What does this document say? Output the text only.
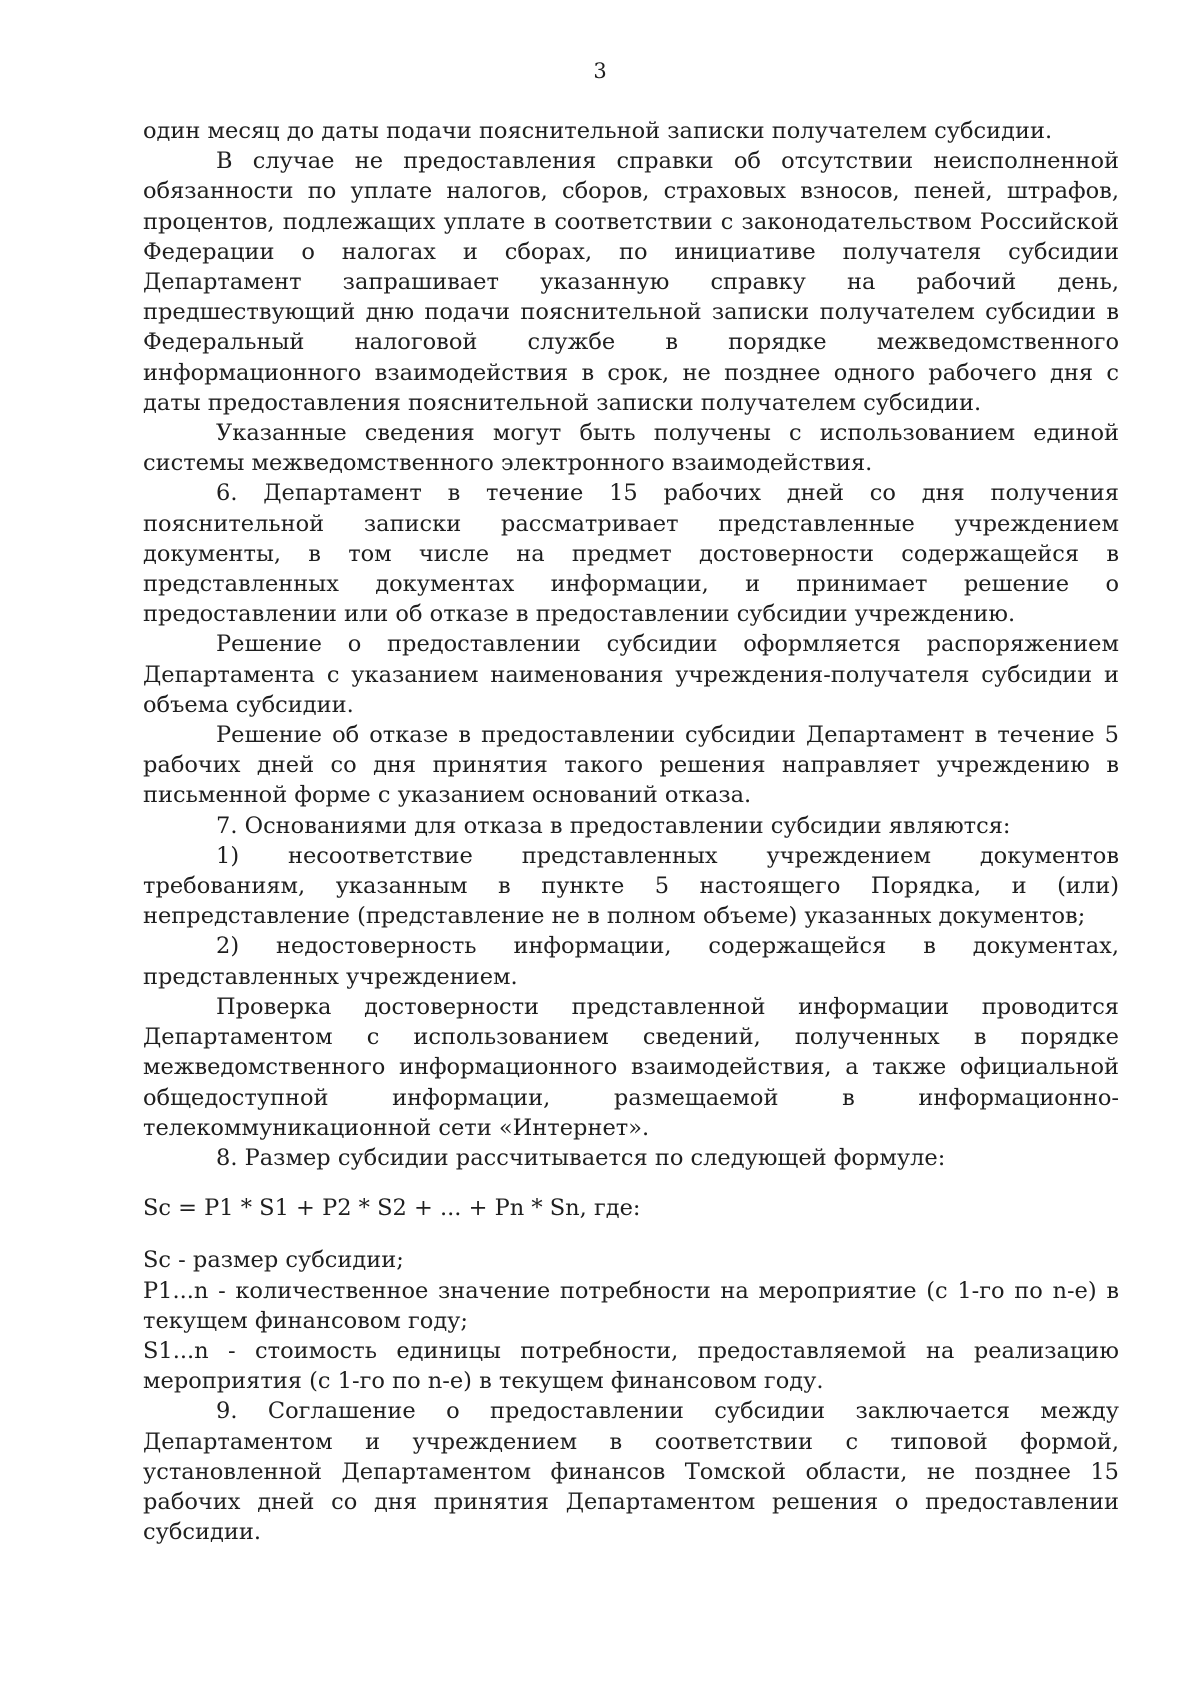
3

один месяц до даты подачи пояснительной записки получателем субсидии.

В случае не предоставления справки об отсутствии неисполненной обязанности по уплате налогов, сборов, страховых взносов, пеней, штрафов, процентов, подлежащих уплате в соответствии с законодательством Российской Федерации о налогах и сборах, по инициативе получателя субсидии Департамент запрашивает указанную справку на рабочий день, предшествующий дню подачи пояснительной записки получателем субсидии в Федеральный налоговой службе в порядке межведомственного информационного взаимодействия в срок, не позднее одного рабочего дня с даты предоставления пояснительной записки получателем субсидии.

Указанные сведения могут быть получены с использованием единой системы межведомственного электронного взаимодействия.

6. Департамент в течение 15 рабочих дней со дня получения пояснительной записки рассматривает представленные учреждением документы, в том числе на предмет достоверности содержащейся в представленных документах информации, и принимает решение о предоставлении или об отказе в предоставлении субсидии учреждению.

Решение о предоставлении субсидии оформляется распоряжением Департамента с указанием наименования учреждения-получателя субсидии и объема субсидии.

Решение об отказе в предоставлении субсидии Департамент в течение 5 рабочих дней со дня принятия такого решения направляет учреждению в письменной форме с указанием оснований отказа.

7. Основаниями для отказа в предоставлении субсидии являются:

1) несоответствие представленных учреждением документов требованиям, указанным в пункте 5 настоящего Порядка, и (или) непредставление (представление не в полном объеме) указанных документов;

2) недостоверность информации, содержащейся в документах, представленных учреждением.

Проверка достоверности представленной информации проводится Департаментом с использованием сведений, полученных в порядке межведомственного информационного взаимодействия, а также официальной общедоступной информации, размещаемой в информационно-телекоммуникационной сети «Интернет».

8. Размер субсидии рассчитывается по следующей формуле:

Sc = P1 * S1 + P2 * S2 + ... + Pn * Sn, где:

Sc - размер субсидии;

P1...n - количественное значение потребности на мероприятие (с 1-го по n-е) в текущем финансовом году;

S1...n - стоимость единицы потребности, предоставляемой на реализацию мероприятия (с 1-го по n-е) в текущем финансовом году.

9. Соглашение о предоставлении субсидии заключается между Департаментом и учреждением в соответствии с типовой формой, установленной Департаментом финансов Томской области, не позднее 15 рабочих дней со дня принятия Департаментом решения о предоставлении субсидии.
